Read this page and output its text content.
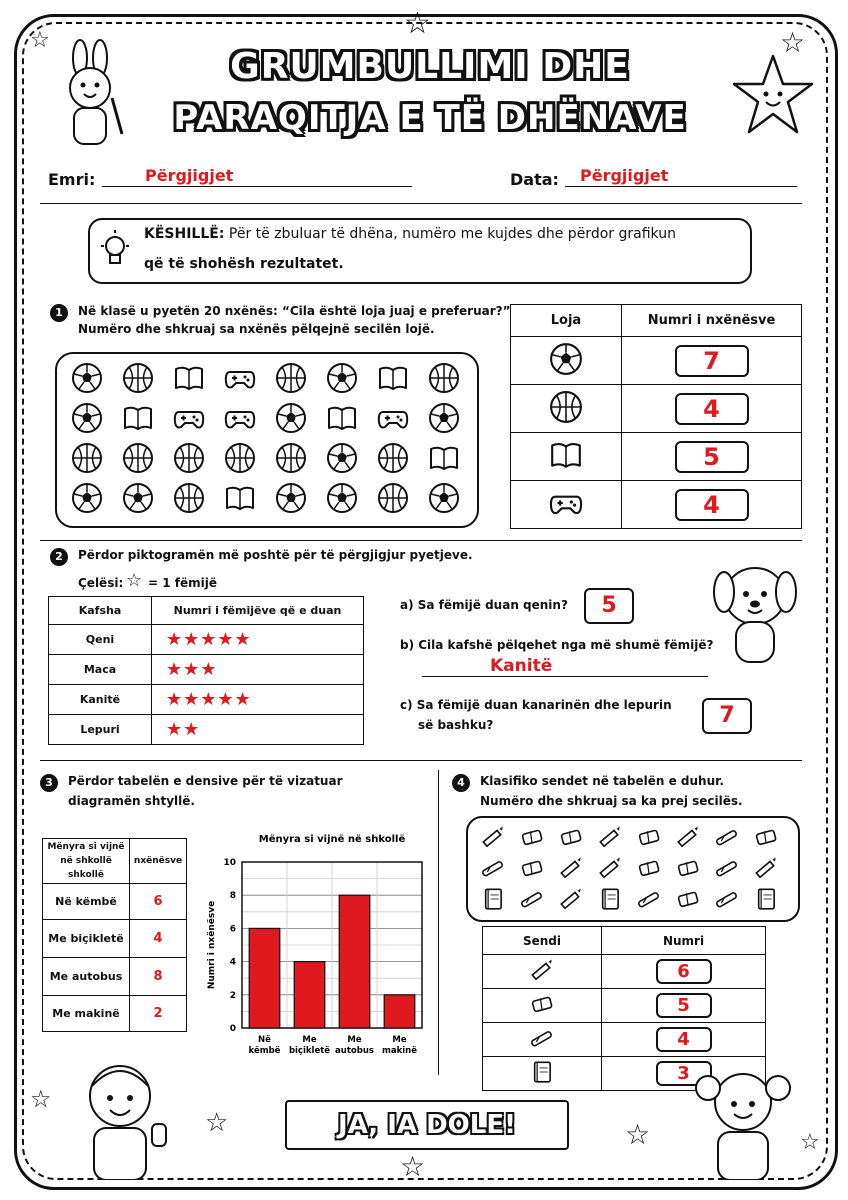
☆
☆
☆
☆
☆	☆	☆
☆
GRUMBULLIMI DHE
PARAQITJA E TË DHËNAVE
Emri:	Përgjigjet	Data: Përgjigjet
KËSHILLË: Për të zbuluar të dhëna, numëro me kujdes dhe përdor grafikun
që të shohësh rezultatet.
1	Në klasë u pyetën 20 nxënës: “Cila është loja juaj e preferuar?”
Numëro dhe shkruaj sa nxënës pëlqejnë secilën lojë.
Loja	Numri i nxënësve
	7
	4
	5
	4
2	Përdor piktogramën më poshtë për të përgjigjur pyetjeve.
Çelësi: ☆ = 1 fëmijë
Kafsha	Numri i fëmijëve që e duan
Qeni	★★★★★
Maca	★★★
Kanitë	★★★★★
Lepuri	★★
a) Sa fëmijë duan qenin?	5
b) Cila kafshë pëlqehet nga më shumë fëmijë?
Kanitë
c) Sa fëmijë duan kanarinën dhe lepurin
së bashku?	7
3	Përdor tabelën e densive për të vizatuar
diagramën shtyllë.
Mënyra si vijnë në shkollë
shkollë	nxënësve
Në këmbë	6
Me biçikletë	4
Me autobus	8
Me makinë	2
Mënyra si vijnë në shkollë
Numri i nxënësve
0
2
4
6
8
10
Në
këmbë
Me
biçikletë
Me
autobus
Me
makinë
4	Klasifiko sendet në tabelën e duhur.
Numëro dhe shkruaj sa ka prej secilës.
Sendi	Numri
	6
	5
	4
	3
JA, IA DOLE!
